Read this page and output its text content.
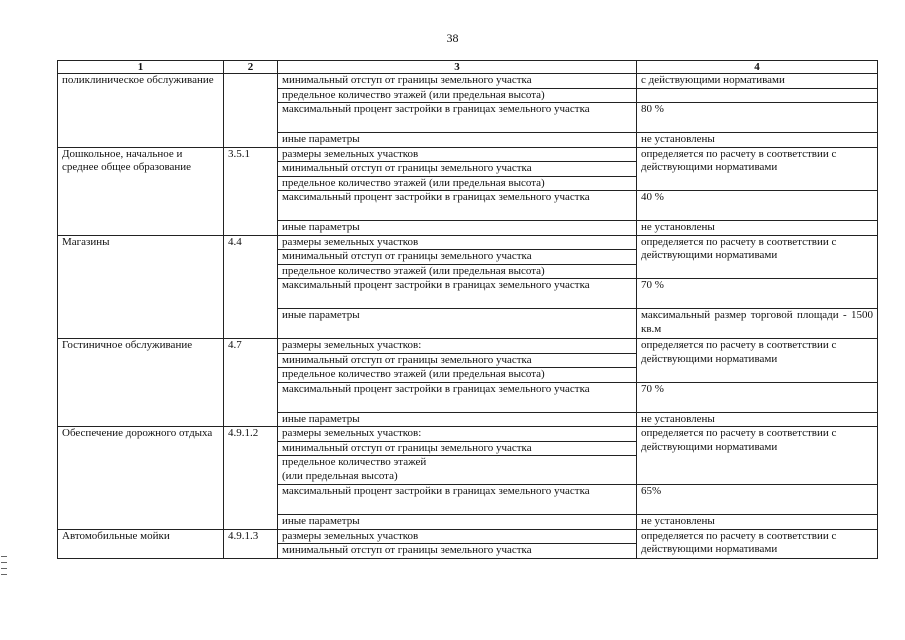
38
1	2	3	4
поликлиническое обслуживание		минимальный отступ от границы земельного участка	с действующими нормативами
		предельное количество этажей (или предельная высота)	
		максимальный процент застройки в границах земельного участка	80 %
		иные параметры	не установлены
Дошкольное, начальное и среднее общее образование	3.5.1	размеры земельных участков	определяется по расчету в соответствии с действующими нормативами
		минимальный отступ от границы земельного участка	
		предельное количество этажей (или предельная высота)	
		максимальный процент застройки в границах земельного участка	40 %
		иные параметры	не установлены
Магазины	4.4	размеры земельных участков	определяется по расчету в соответствии с действующими нормативами
		минимальный отступ от границы земельного участка	
		предельное количество этажей (или предельная высота)	
		максимальный процент застройки в границах земельного участка	70 %
		иные параметры	максимальный размер торговой площади - 1500 кв.м
Гостиничное обслуживание	4.7	размеры земельных участков:	определяется по расчету в соответствии с действующими нормативами
		минимальный отступ от границы земельного участка	
		предельное количество этажей (или предельная высота)	
		максимальный процент застройки в границах земельного участка	70 %
		иные параметры	не установлены
Обеспечение дорожного отдыха	4.9.1.2	размеры земельных участков:	определяется по расчету в соответствии с действующими нормативами
		минимальный отступ от границы земельного участка	
		предельное количество этажей
(или предельная высота)	
		максимальный процент застройки в границах земельного участка	65%
		иные параметры	не установлены
Автомобильные мойки	4.9.1.3	размеры земельных участков	определяется по расчету в соответствии с действующими нормативами
		минимальный отступ от границы земельного участка	
